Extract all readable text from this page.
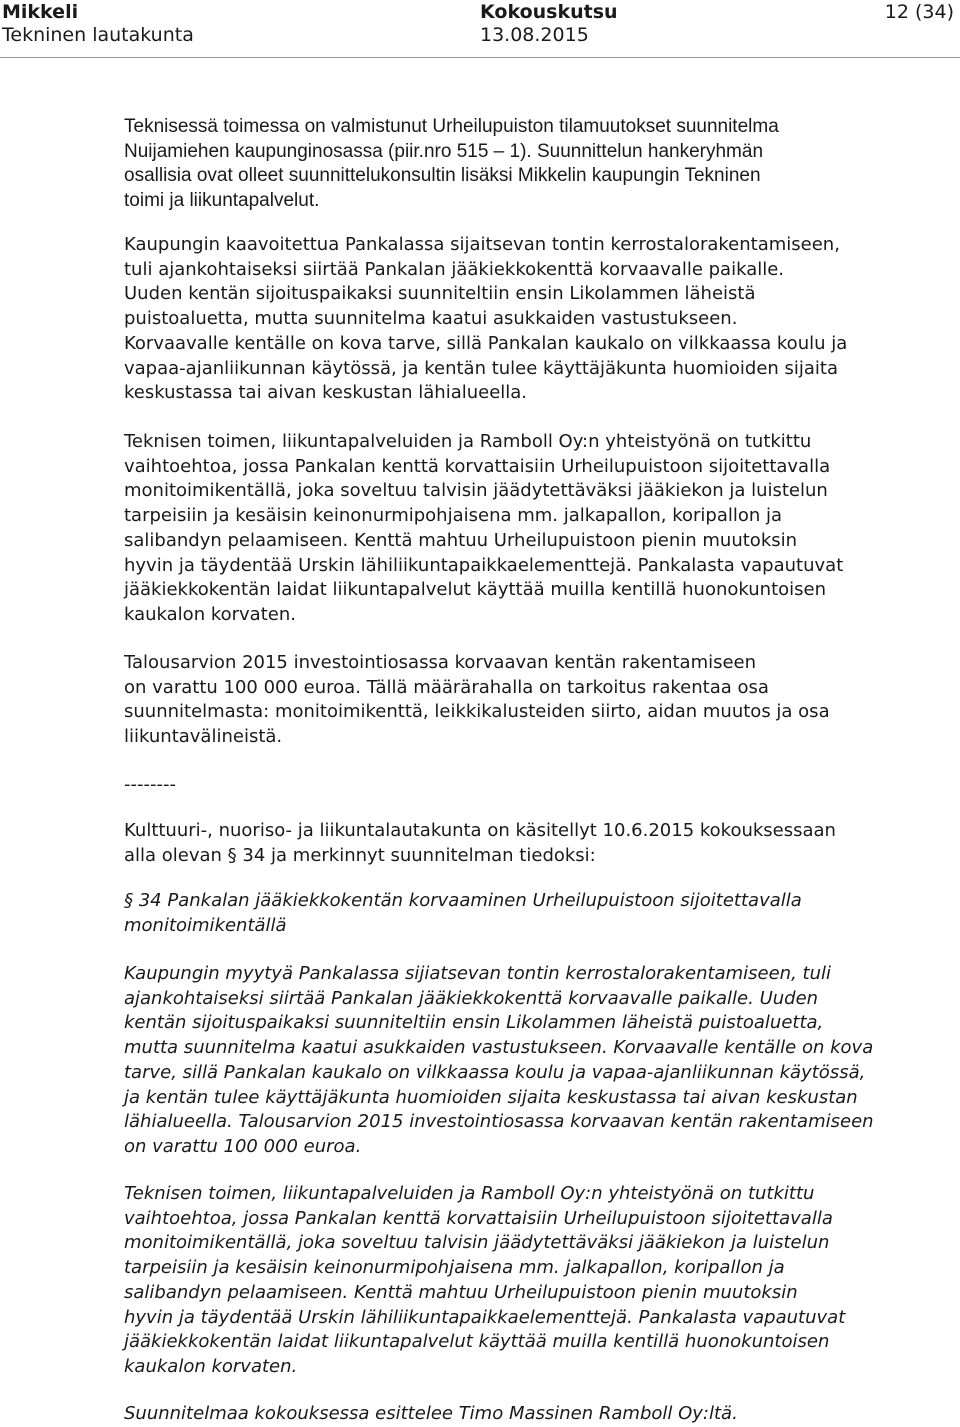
Mikkeli
Tekninen lautakunta
Kokouskutsu
13.08.2015
12 (34)

Teknisessä toimessa on valmistunut Urheilupuiston tilamuutokset suunnitelma
Nuijamiehen kaupunginosassa (piir.nro 515 – 1). Suunnittelun hankeryhmän
osallisia ovat olleet suunnittelukonsultin lisäksi Mikkelin kaupungin Tekninen
toimi ja liikuntapalvelut.

Kaupungin kaavoitettua Pankalassa sijaitsevan tontin kerrostalorakentamiseen,
tuli ajankohtaiseksi siirtää Pankalan jääkiekkokenttä korvaavalle paikalle.
Uuden kentän sijoituspaikaksi suunniteltiin ensin Likolammen läheistä
puistoaluetta, mutta suunnitelma kaatui asukkaiden vastustukseen.
Korvaavalle kentälle on kova tarve, sillä Pankalan kaukalo on vilkkaassa koulu ja
vapaa-ajanliikunnan käytössä, ja kentän tulee käyttäjäkunta huomioiden sijaita
keskustassa tai aivan keskustan lähialueella.

Teknisen toimen, liikuntapalveluiden ja Ramboll Oy:n yhteistyönä on tutkittu
vaihtoehtoa, jossa Pankalan kenttä korvattaisiin Urheilupuistoon sijoitettavalla
monitoimikentällä, joka soveltuu talvisin jäädytettäväksi jääkiekon ja luistelun
tarpeisiin ja kesäisin keinonurmipohjaisena mm. jalkapallon, koripallon ja
salibandyn pelaamiseen. Kenttä mahtuu Urheilupuistoon pienin muutoksin
hyvin ja täydentää Urskin lähiliikuntapaikkaelementtejä. Pankalasta vapautuvat
jääkiekkokentän laidat liikuntapalvelut käyttää muilla kentillä huonokuntoisen
kaukalon korvaten.

Talousarvion 2015 investointiosassa korvaavan kentän rakentamiseen
on varattu 100 000 euroa. Tällä määrärahalla on tarkoitus rakentaa osa
suunnitelmasta: monitoimikenttä, leikkikalusteiden siirto, aidan muutos ja osa
liikuntavälineistä.

--------

Kulttuuri-, nuoriso- ja liikuntalautakunta on käsitellyt 10.6.2015 kokouksessaan
alla olevan § 34 ja merkinnyt suunnitelman tiedoksi:

§ 34 Pankalan jääkiekkokentän korvaaminen Urheilupuistoon sijoitettavalla
monitoimikentällä

Kaupungin myytyä Pankalassa sijiatsevan tontin kerrostalorakentamiseen, tuli
ajankohtaiseksi siirtää Pankalan jääkiekkokenttä korvaavalle paikalle. Uuden
kentän sijoituspaikaksi suunniteltiin ensin Likolammen läheistä puistoaluetta,
mutta suunnitelma kaatui asukkaiden vastustukseen. Korvaavalle kentälle on kova
tarve, sillä Pankalan kaukalo on vilkkaassa koulu ja vapaa-ajanliikunnan käytössä,
ja kentän tulee käyttäjäkunta huomioiden sijaita keskustassa tai aivan keskustan
lähialueella. Talousarvion 2015 investointiosassa korvaavan kentän rakentamiseen
on varattu 100 000 euroa.

Teknisen toimen, liikuntapalveluiden ja Ramboll Oy:n yhteistyönä on tutkittu
vaihtoehtoa, jossa Pankalan kenttä korvattaisiin Urheilupuistoon sijoitettavalla
monitoimikentällä, joka soveltuu talvisin jäädytettäväksi jääkiekon ja luistelun
tarpeisiin ja kesäisin keinonurmipohjaisena mm. jalkapallon, koripallon ja
salibandyn pelaamiseen. Kenttä mahtuu Urheilupuistoon pienin muutoksin
hyvin ja täydentää Urskin lähiliikuntapaikkaelementtejä. Pankalasta vapautuvat
jääkiekkokentän laidat liikuntapalvelut käyttää muilla kentillä huonokuntoisen
kaukalon korvaten.

Suunnitelmaa kokouksessa esittelee Timo Massinen Ramboll Oy:ltä.
